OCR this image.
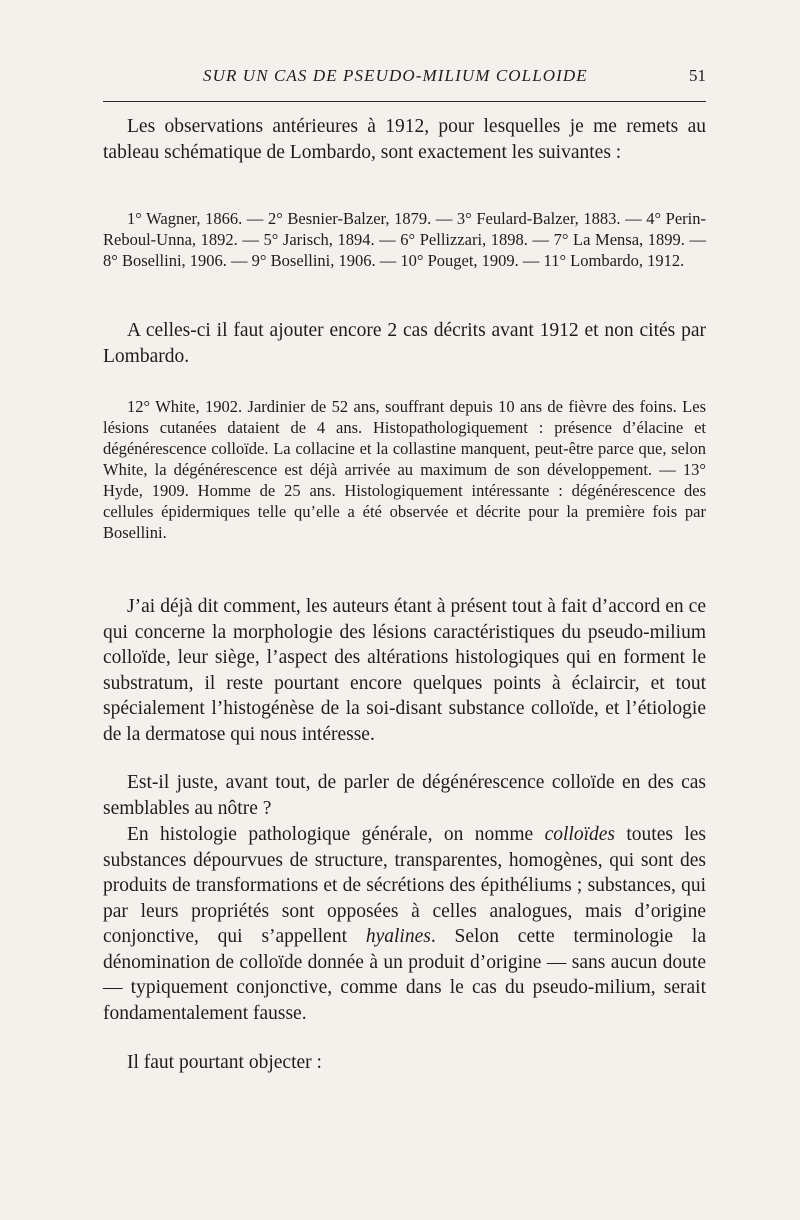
SUR UN CAS DE PSEUDO-MILIUM COLLOIDE	51

Les observations antérieures à 1912, pour lesquelles je me remets au tableau schématique de Lombardo, sont exactement les suivantes :

1° Wagner, 1866. — 2° Besnier-Balzer, 1879. — 3° Feulard-Balzer, 1883. — 4° Perin-Reboul-Unna, 1892. — 5° Jarisch, 1894. — 6° Pellizzari, 1898. — 7° La Mensa, 1899. — 8° Bosellini, 1906. — 9° Bosellini, 1906. — 10° Pouget, 1909. — 11° Lombardo, 1912.

A celles-ci il faut ajouter encore 2 cas décrits avant 1912 et non cités par Lombardo.

12° White, 1902. Jardinier de 52 ans, souffrant depuis 10 ans de fièvre des foins. Les lésions cutanées dataient de 4 ans. Histopathologiquement : présence d’élacine et dégénérescence colloïde. La collacine et la collastine manquent, peut-être parce que, selon White, la dégénérescence est déjà arrivée au maximum de son développement. — 13° Hyde, 1909. Homme de 25 ans. Histologiquement intéressante : dégénérescence des cellules épidermiques telle qu’elle a été observée et décrite pour la première fois par Bosellini.

J’ai déjà dit comment, les auteurs étant à présent tout à fait d’accord en ce qui concerne la morphologie des lésions caractéristiques du pseudo-milium colloïde, leur siège, l’aspect des altérations histologiques qui en forment le substratum, il reste pourtant encore quelques points à éclaircir, et tout spécialement l’histogénèse de la soi-disant substance colloïde, et l’étiologie de la dermatose qui nous intéresse.

Est-il juste, avant tout, de parler de dégénérescence colloïde en des cas semblables au nôtre ?

En histologie pathologique générale, on nomme colloïdes toutes les substances dépourvues de structure, transparentes, homogènes, qui sont des produits de transformations et de sécrétions des épithéliums ; substances, qui par leurs propriétés sont opposées à celles analogues, mais d’origine conjonctive, qui s’appellent hyalines. Selon cette terminologie la dénomination de colloïde donnée à un produit d’origine — sans aucun doute — typiquement conjonctive, comme dans le cas du pseudo-milium, serait fondamentalement fausse.

Il faut pourtant objecter :
